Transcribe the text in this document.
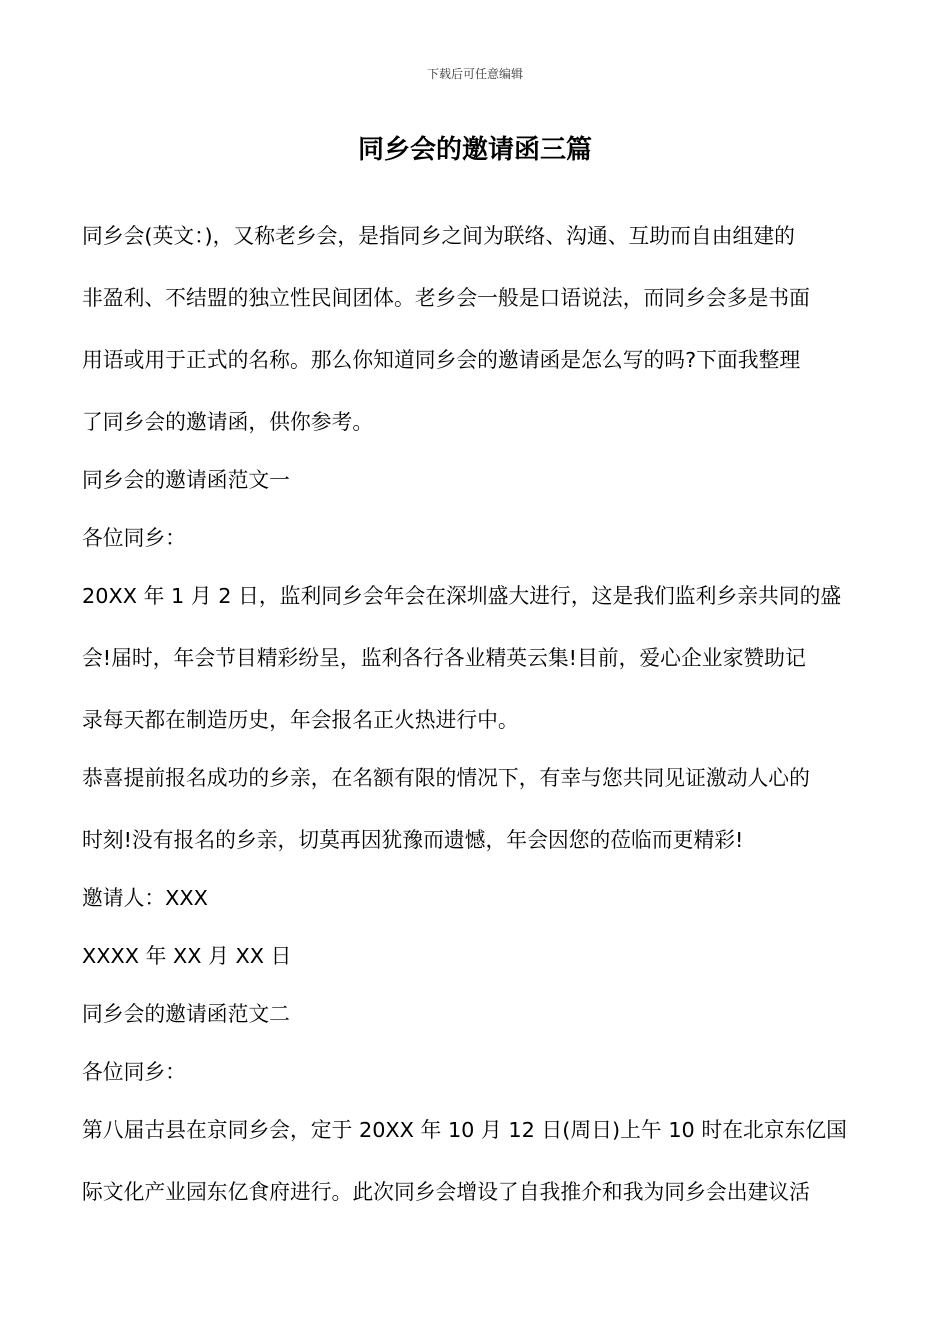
下载后可任意编辑
同乡会的邀请函三篇

同乡会(英文：)，又称老乡会，是指同乡之间为联络、沟通、互助而自由组建的
非盈利、不结盟的独立性民间团体。老乡会一般是口语说法，而同乡会多是书面
用语或用于正式的名称。那么你知道同乡会的邀请函是怎么写的吗?下面我整理
了同乡会的邀请函，供你参考。

同乡会的邀请函范文一

各位同乡：

20XX 年 1 月 2 日，监利同乡会年会在深圳盛大进行，这是我们监利乡亲共同的盛
会!届时，年会节目精彩纷呈，监利各行各业精英云集!目前，爱心企业家赞助记
录每天都在制造历史，年会报名正火热进行中。

恭喜提前报名成功的乡亲，在名额有限的情况下，有幸与您共同见证激动人心的
时刻!没有报名的乡亲，切莫再因犹豫而遗憾，年会因您的莅临而更精彩!

邀请人：XXX

XXXX 年 XX 月 XX 日

同乡会的邀请函范文二

各位同乡：

第八届古县在京同乡会，定于 20XX 年 10 月 12 日(周日)上午 10 时在北京东亿国
际文化产业园东亿食府进行。此次同乡会增设了自我推介和我为同乡会出建议活
